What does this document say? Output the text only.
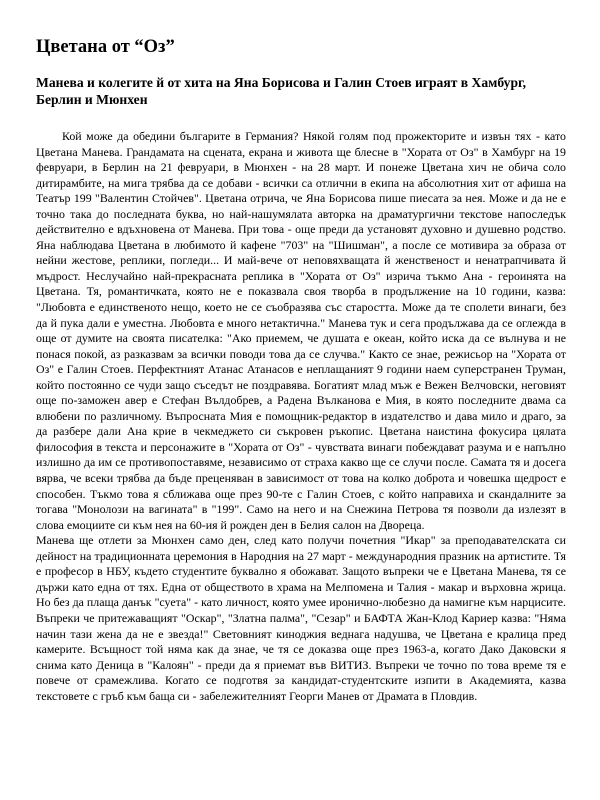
Цветана от “Оз”
Манева и колегите й от хита на Яна Борисова и Галин Стоев играят в Хамбург, Берлин и Мюнхен

Кой може да обедини българите в Германия? Някой голям под прожекторите и извън тях - като Цветана Манева. Грандамата на сцената, екрана и живота ще блесне в "Хората от Оз" в Хамбург на 19 февруари, в Берлин на 21 февруари, в Мюнхен - на 28 март. И понеже Цветана хич не обича соло дитирамбите, на мига трябва да се добави - всички са отлични в екипа на абсолютния хит от афиша на Театър 199 "Валентин Стойчев". Цветана отрича, че Яна Борисова пише пиесата за нея. Може и да не е точно така до последната буква, но най-нашумялата авторка на драматургични текстове напоследък действително е вдъхновена от Манева. При това - още преди да установят духовно и душевно родство. Яна наблюдава Цветана в любимото й кафене "703" на "Шишман", а после се мотивира за образа от нейни жестове, реплики, погледи... И май-вече от неповяхващата й женственост и ненатрапчивата й мъдрост. Неслучайно най-прекрасната реплика в "Хората от Оз" изрича тъкмо Ана - героинята на Цветана. Тя, романтичката, която не е показвала своя творба в продължение на 10 години, казва: "Любовта е единственото нещо, което не се съобразява със старостта. Може да те сполети винаги, без да й пука дали е уместна. Любовта е много нетактична." Манева тук и сега продължава да се оглежда в още от думите на своята писателка: "Ако приемем, че душата е океан, който иска да се вълнува и не понася покой, аз разказвам за всички поводи това да се случва." Както се знае, режисьор на "Хората от Оз" е Галин Стоев. Перфектният Атанас Атанасов е неплащаният 9 години наем суперстранен Труман, който постоянно се чуди защо съседът не поздравява. Богатият млад мъж е Вежен Велчовски, неговият още по-заможен авер е Стефан Вълдобрев, а Радена Вълканова е Мия, в която последните двама са влюбени по различному. Въпросната Мия е помощник-редактор в издателство и дава мило и драго, за да разбере дали Ана крие в чекмеджето си съкровен ръкопис. Цветана наистина фокусира цялата философия в текста и персонажите в "Хората от Оз" - чувствата винаги побеждават разума и е напълно излишно да им се противопоставяме, независимо от страха какво ще се случи после. Самата тя и досега вярва, че всеки трябва да бъде преценяван в зависимост от това на колко доброта и човешка щедрост е способен. Тъкмо това я сближава още през 90-те с Галин Стоев, с който направиха и скандалните за тогава "Монолози на вагината" в "199". Само на него и на Снежина Петрова тя позволи да излезят в слова емоциите си към нея на 60-ия й рожден ден в Белия салон на Двореца.

Манева ще отлети за Мюнхен само ден, след като получи почетния "Икар" за преподавателската си дейност на традиционната церемония в Народния на 27 март - международния празник на артистите. Тя е професор в НБУ, където студентите буквално я обожават. Защото въпреки че е Цветана Манева, тя се държи като една от тях. Една от обществото в храма на Мелпомена и Талия - макар и върховна жрица. Но без да плаща данък "суета" - като личност, която умее иронично-любезно да намигне към нарцисите. Въпреки че притежаващият "Оскар", "Златна палма", "Сезар" и БАФТА Жан-Клод Кариер казва: "Няма начин тази жена да не е звезда!" Световният киноджия веднага надушва, че Цветана е кралица пред камерите. Всъщност той няма как да знае, че тя се доказва още през 1963-а, когато Дако Даковски я снима като Деница в "Калоян" - преди да я приемат във ВИТИЗ. Въпреки че точно по това време тя е повече от срамежлива. Когато се подготвя за кандидат-студентските изпити в Академията, казва текстовете с гръб към баща си - забележителният Георги Манев от Драмата в Пловдив.
